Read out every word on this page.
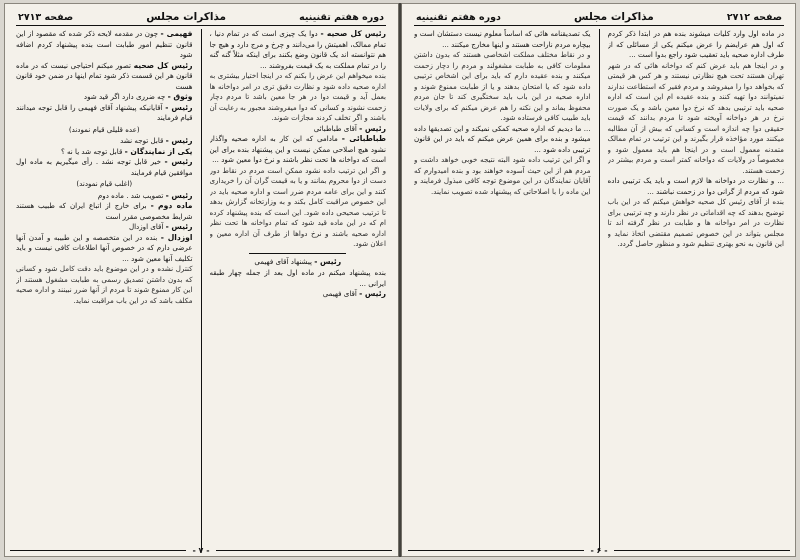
دوره هفتم تقنینیه
مذاکرات مجلس
صفحه ۲۷۱۳

رئیس کل صحیه - دوا یک چیزی است که در تمام دنیا ، تمام ممالک، اهمیتش را می‌دانند و چرخ و مرج دارد و هیچ جا هم نتوانسته اند یک قانون وضع بکنند برای اینکه مثلاً گنه گنه را در تمام مملکت به یک قیمت بفروشند ...

بنده میخواهم این عرض را بکنم که در اینجا اختیار بیشتری به اداره صحیه داده شود و نظارت دقیق تری در امر دواخانه ها بعمل آید و قیمت دوا در هر جا معین باشد تا مردم دچار زحمت نشوند و کسانی که دوا میفروشند مجبور به رعایت آن باشند و اگر تخلف کردند مجازات شوند.

رئیس - آقای طباطبائی

طباطبائی - مادامی که این کار به اداره صحیه واگذار نشود هیچ اصلاحی ممکن نیست و این پیشنهاد بنده برای این است که دواخانه ها تحت نظر باشند و نرخ دوا معین شود ...

و اگر این ترتیب داده نشود ممکن است مردم در نقاط دور دست از دوا محروم بمانند و یا به قیمت گران آن را خریداری کنند و این برای عامه مردم ضرر است و اداره صحیه باید در این خصوص مراقبت کامل بکند و به وزارتخانه گزارش بدهد تا ترتیب صحیحی داده شود. این است که بنده پیشنهاد کرده ام که در این ماده قید شود که تمام دواخانه ها تحت نظر اداره صحیه باشند و نرخ دواها از طرف آن اداره معین و اعلان شود.

رئیس - پیشنهاد آقای فهیمی

بنده پیشنهاد میکنم در ماده اول بعد از جمله چهار طبقه ایرانی ...

رئیس - آقای فهیمی

فهیمی - چون در مقدمه لایحه ذکر شده که مقصود از این قانون تنظیم امور طبابت است بنده پیشنهاد کردم اضافه شود

رئیس کل صحیه تصور میکنم احتیاجی نیست که در ماده قانون هر این قسمت ذکر شود تمام اینها در ضمن خود قانون هست

وثوق - چه ضرری دارد اگر قید شود

رئیس - آقایانیکه پیشنهاد آقای فهیمی را قابل توجه میدانند قیام فرمایند

(عده قلیلی قیام نمودند)

رئیس - قابل توجه نشد

یکی از نمایندگان - قابل توجه شد یا نه ؟

رئیس - خیر قابل توجه نشد . رأی میگیریم به ماده اول موافقین قیام فرمایند

(اغلب قیام نمودند)

رئیس - تصویب شد . ماده دوم

ماده دوم - برای خارج از اتباع ایران که طبیب هستند شرایط مخصوصی مقرر است

رئیس - آقای اوزدال

اوزدال - بنده در این متخصصه و این طبیبه و آمدن آنها عرضی دارم که در خصوص آنها اطلاعات کافی نیست و باید تکلیف آنها معین شود ...

کنترل نشده و در این موضوع باید دقت کامل شود و کسانی که بدون داشتن تصدیق رسمی به طبابت مشغول هستند از این کار ممنوع شوند تا مردم از آنها ضرر نبینند و اداره صحیه مکلف باشد که در این باب مراقبت نماید.

- ۷ -
صفحه ۲۷۱۲
مذاکرات مجلس
دوره هفتم تقنینیه

در ماده اول وارد کلیات میشوند بنده هم در ابتدا ذکر کردم که اول هم عرایضم را عرض میکنم یکی از مسائلی که از طرف اداره صحیه باید تعقیب شود راجع بدوا است ...

و در اینجا هم باید عرض کنم که دواخانه هائی که در شهر تهران هستند تحت هیچ نظارتی نیستند و هر کس هر قیمتی که بخواهد دوا را میفروشد و مردم فقیر که استطاعت ندارند نمیتوانند دوا تهیه کنند و بنده عقیده ام این است که اداره صحیه باید ترتیبی بدهد که نرخ دوا معین باشد و یک صورت نرخ در هر دواخانه آویخته شود تا مردم بدانند که قیمت حقیقی دوا چه اندازه است و کسانی که بیش از آن مطالبه میکنند مورد مؤاخذه قرار بگیرند و این ترتیب در تمام ممالک متمدنه معمول است و در اینجا هم باید معمول شود و مخصوصاً در ولایات که دواخانه کمتر است و مردم بیشتر در زحمت هستند.

... و نظارت در دواخانه ها لازم است و باید یک ترتیبی داده شود که مردم از گرانی دوا در زحمت نباشند ...

بنده از آقای رئیس کل صحیه خواهش میکنم که در این باب توضیح بدهند که چه اقداماتی در نظر دارند و چه ترتیبی برای نظارت در امر دواخانه ها و طبابت در نظر گرفته اند تا مجلس بتواند در این خصوص تصمیم مقتضی اتخاذ نماید و این قانون به نحو بهتری تنظیم شود و منظور حاصل گردد.

یک تصدیقنامه هائی که اساساً معلوم نیست دستشان است و بیچاره مردم ناراحت هستند و اینها مخارج میکنند ...

و در نقاط مختلف مملکت اشخاصی هستند که بدون داشتن معلومات کافی به طبابت مشغولند و مردم را دچار زحمت میکنند و بنده عقیده دارم که باید برای این اشخاص ترتیبی داده شود که یا امتحان بدهند و یا از طبابت ممنوع شوند و اداره صحیه در این باب باید سختگیری کند تا جان مردم محفوظ بماند و این نکته را هم عرض میکنم که برای ولایات باید طبیب کافی فرستاده شود.

... ما دیدیم که اداره صحیه کمکی نمیکند و این تصدیقها داده میشود و بنده برای همین عرض میکنم که باید در این قانون ترتیبی داده شود ...

و اگر این ترتیب داده شود البته نتیجه خوبی خواهد داشت و مردم هم از این حیث آسوده خواهند بود و بنده امیدوارم که آقایان نمایندگان در این موضوع توجه کافی مبذول فرمایند و این ماده را با اصلاحاتی که پیشنهاد شده تصویب نمایند.

- ۶ -
